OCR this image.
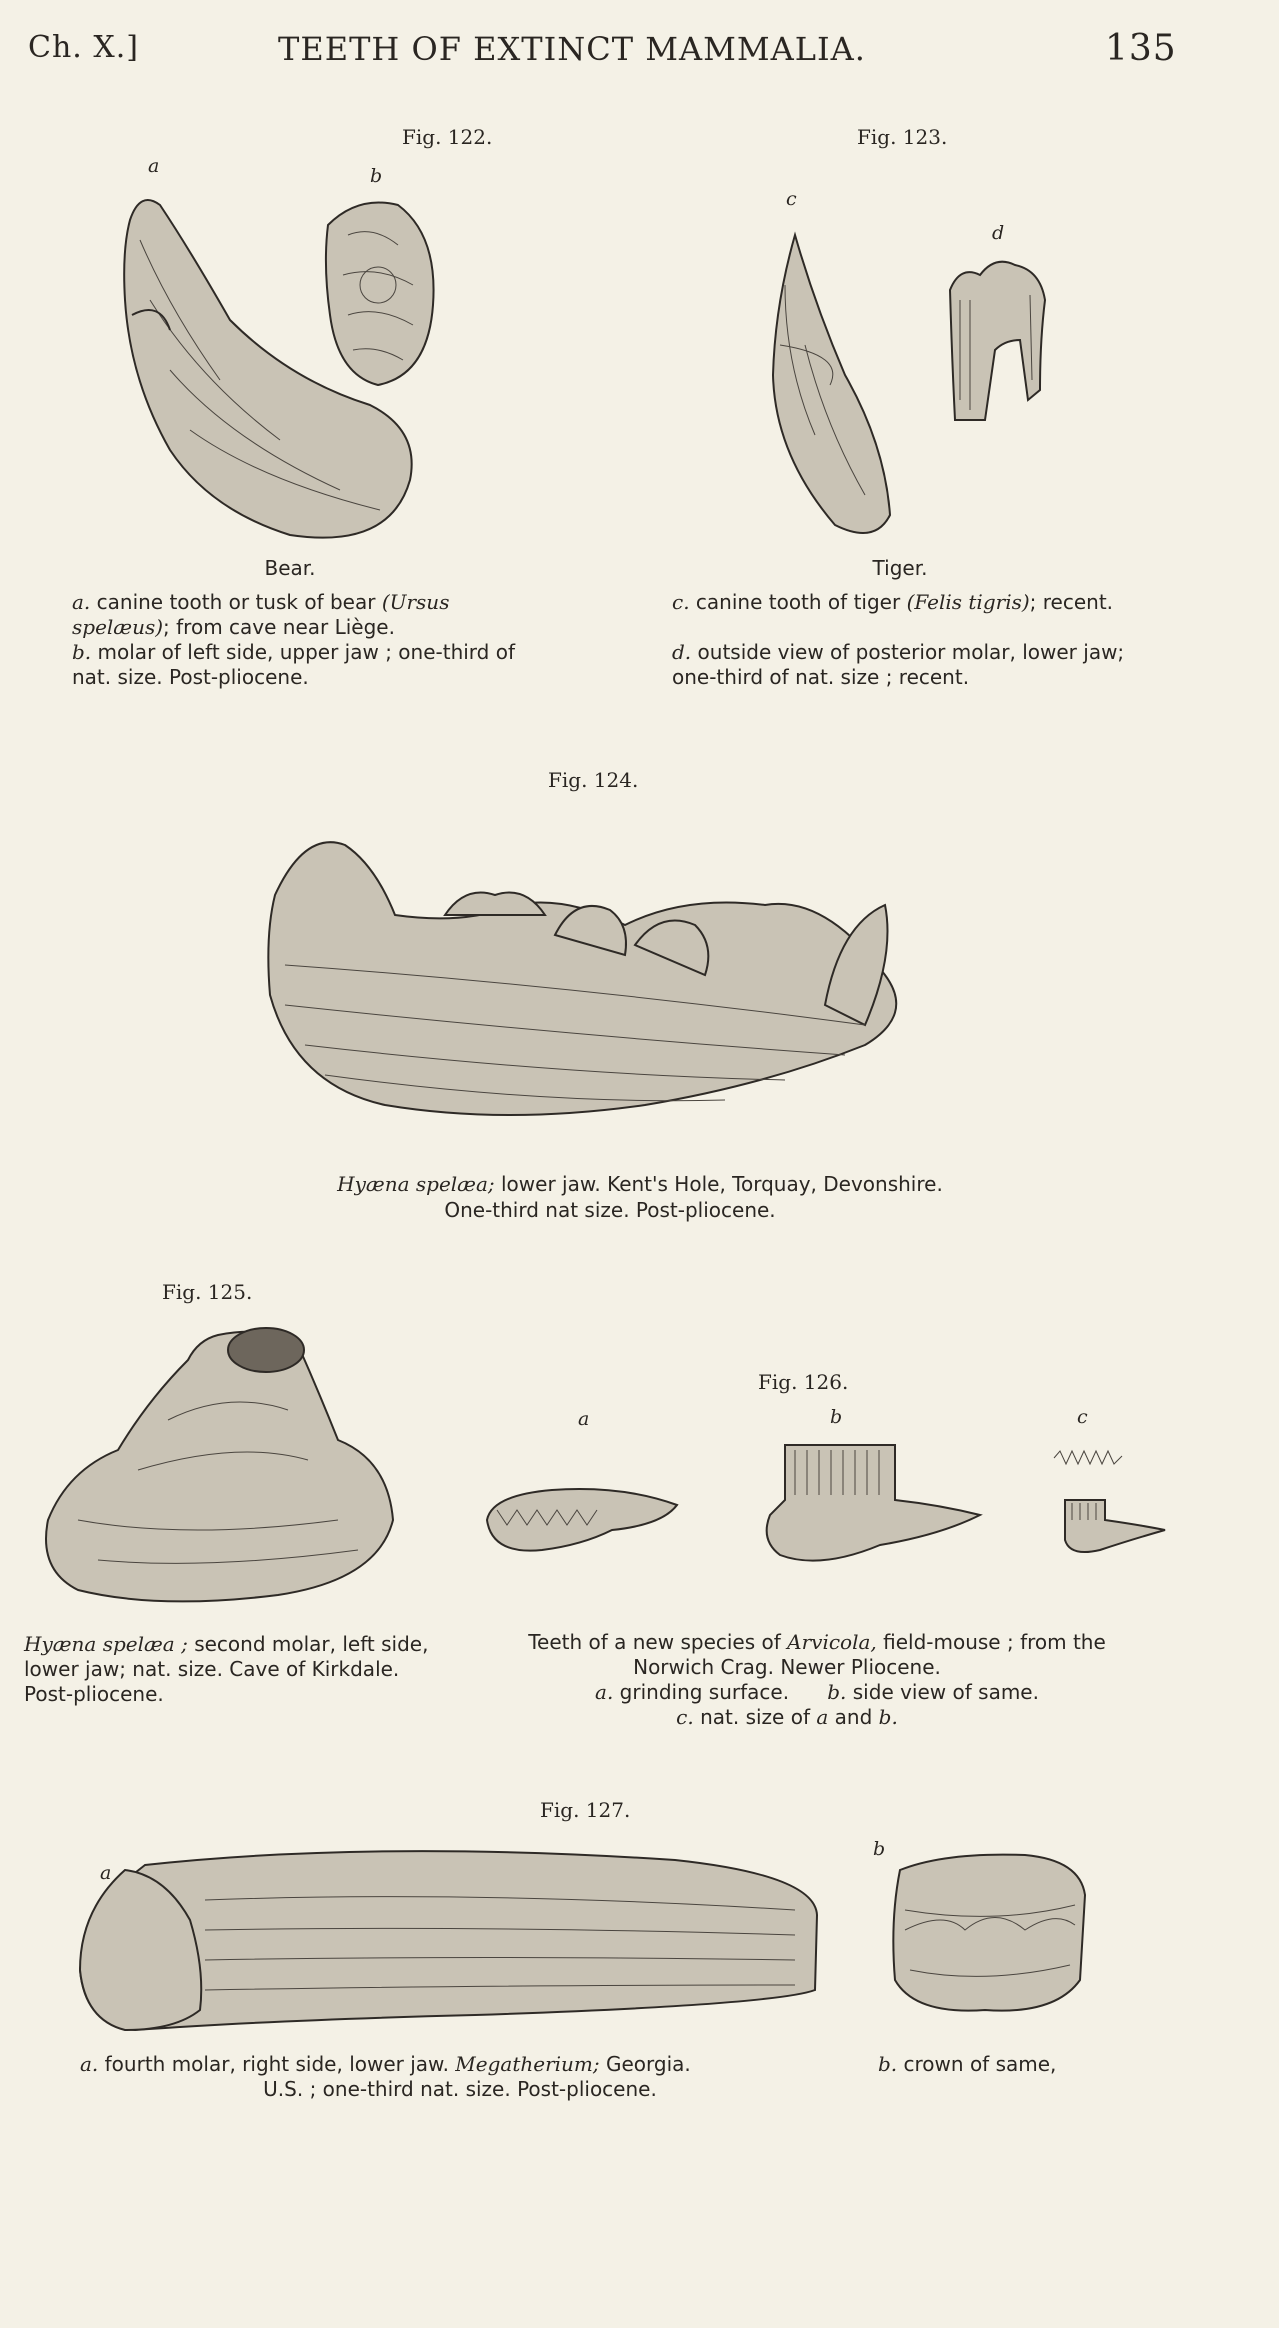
Ch. X.]	TEETH OF EXTINCT MAMMALIA.	135
Fig. 122.
a	b
Bear.
a. canine tooth or tusk of bear (Ursus spelæus); from cave near Liège.
b. molar of left side, upper jaw ; one-third of nat. size. Post-pliocene.
Fig. 123.
c
d
Tiger.
c. canine tooth of tiger (Felis tigris); recent.
d. outside view of posterior molar, lower jaw; one-third of nat. size ; recent.
Fig. 124.
Hyæna spelæa; lower jaw. Kent's Hole, Torquay, Devonshire.
One-third nat size. Post-pliocene.
Fig. 125.
Hyæna spelæa ; second molar, left side, lower jaw; nat. size. Cave of Kirkdale. Post-pliocene.
Fig. 126.
a	b	c
Teeth of a new species of Arvicola, field-mouse ; from the
Norwich Crag. Newer Pliocene.
a. grinding surface. b. side view of same.
c. nat. size of a and b.
Fig. 127.
a
b
a. fourth molar, right side, lower jaw. Megatherium; Georgia.
U.S. ; one-third nat. size. Post-pliocene.
b. crown of same,
